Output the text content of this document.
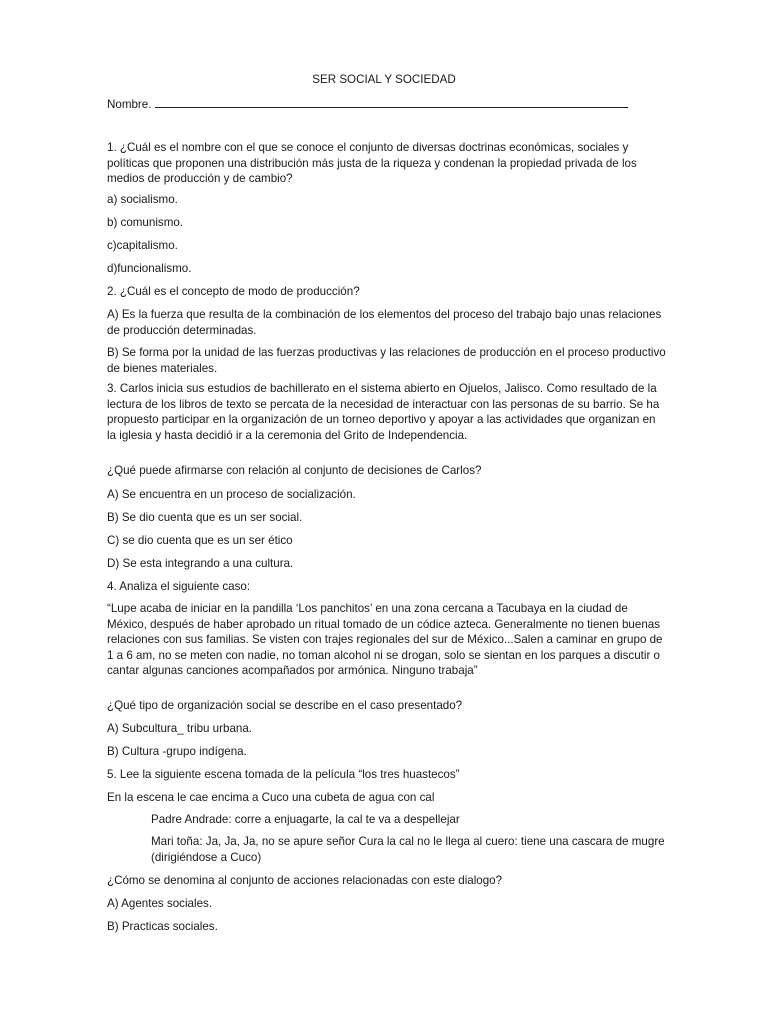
SER SOCIAL Y SOCIEDAD
Nombre.
1. ¿Cuál es el nombre con el que se conoce el conjunto de diversas doctrinas económicas, sociales y políticas que proponen una distribución más justa de la riqueza y condenan la propiedad privada de los medios de producción y de cambio?
a) socialismo.
b) comunismo.
c)capitalismo.
d)funcionalismo.
2. ¿Cuál es el concepto de modo de producción?
A) Es la fuerza que resulta de la combinación de los elementos del proceso del trabajo bajo unas relaciones de producción determinadas.
B) Se forma por la unidad de las fuerzas productivas y las relaciones de producción en el proceso productivo de bienes materiales.
3. Carlos inicia sus estudios de bachillerato en el sistema abierto en Ojuelos, Jalisco. Como resultado de la lectura de los libros de texto se percata de la necesidad de interactuar con las personas de su barrio. Se ha propuesto participar en la organización de un torneo deportivo y apoyar a las actividades que organizan en la iglesia y hasta decidió ir a la ceremonia del Grito de Independencia.
¿Qué puede afirmarse con relación al conjunto de decisiones de Carlos?
A) Se encuentra en un proceso de socialización.
B) Se dio cuenta que es un ser social.
C) se dio cuenta que es un ser ético
D) Se esta integrando a una cultura.
4. Analiza el siguiente caso:
“Lupe acaba de iniciar en la pandilla ‘Los panchitos’ en una zona cercana a Tacubaya en la ciudad de México, después de haber aprobado un ritual tomado de un códice azteca. Generalmente no tienen buenas relaciones con sus familias. Se visten con trajes regionales del sur de México...Salen a caminar en grupo de 1 a 6 am, no se meten con nadie, no toman alcohol ni se drogan, solo se sientan en los parques a discutir o cantar algunas canciones acompañados por armónica. Ninguno trabaja”
¿Qué tipo de organización social se describe en el caso presentado?
A) Subcultura_ tribu urbana.
B) Cultura -grupo indígena.
5. Lee la siguiente escena tomada de la película “los tres huastecos”
En la escena le cae encima a Cuco una cubeta de agua con cal
Padre Andrade: corre a enjuagarte, la cal te va a despellejar
Mari toña: Ja, Ja, Ja, no se apure señor Cura la cal no le llega al cuero: tiene una cascara de mugre (dirigiéndose a Cuco)
¿Cómo se denomina al conjunto de acciones relacionadas con este dialogo?
A) Agentes sociales.
B) Practicas sociales.
